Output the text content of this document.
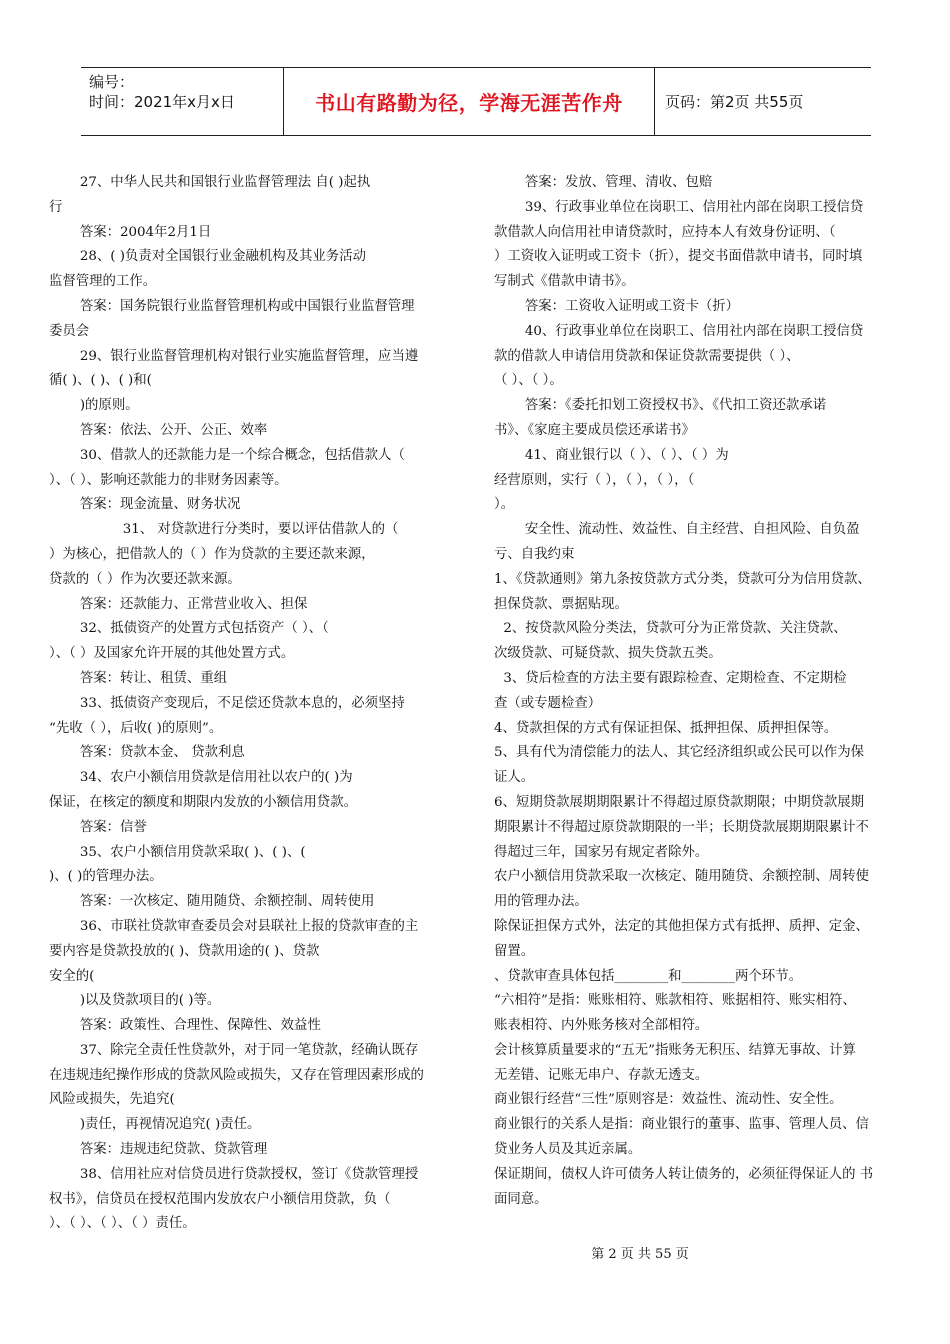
编号：
时间：2021年x月x日	书山有路勤为径，学海无涯苦作舟	页码：第2页 共55页

27、中华人民共和国银行业监督管理法 自( )起执

行

答案：2004年2月1日

28、( )负责对全国银行业金融机构及其业务活动

监督管理的工作。

答案：国务院银行业监督管理机构或中国银行业监督管理

委员会

29、银行业监督管理机构对银行业实施监督管理，应当遵

循( )、( )、( )和(

)的原则。

答案：依法、公开、公正、效率

30、借款人的还款能力是一个综合概念，包括借款人（

）、（ ）、影响还款能力的非财务因素等。

答案：现金流量、财务状况

31、 对贷款进行分类时，要以评估借款人的（

）为核心，把借款人的（ ）作为贷款的主要还款来源，

贷款的（ ）作为次要还款来源。

答案：还款能力、正常营业收入、担保

32、抵债资产的处置方式包括资产（ ）、（

）、（ ）及国家允许开展的其他处置方式。

答案：转让、租赁、重组

33、抵债资产变现后，不足偿还贷款本息的，必须坚持

“先收（ ），后收( )的原则”。

答案：贷款本金、 贷款利息

34、农户小额信用贷款是信用社以农户的( )为

保证，在核定的额度和期限内发放的小额信用贷款。

答案：信誉

35、农户小额信用贷款采取( )、( )、(

)、( )的管理办法。

答案：一次核定、随用随贷、余额控制、周转使用

36、市联社贷款审查委员会对县联社上报的贷款审查的主

要内容是贷款投放的( )、贷款用途的( )、贷款

安全的(

)以及贷款项目的( )等。

答案：政策性、合理性、保障性、效益性

37、除完全责任性贷款外，对于同一笔贷款，经确认既存

在违规违纪操作形成的贷款风险或损失，又存在管理因素形成的

风险或损失，先追究(

)责任，再视情况追究( )责任。

答案：违规违纪贷款、贷款管理

38、信用社应对信贷员进行贷款授权，签订《贷款管理授

权书》，信贷员在授权范围内发放农户小额信用贷款，负（

）、（ ）、（ ）、（ ）责任。

答案：发放、管理、清收、包赔

39、行政事业单位在岗职工、信用社内部在岗职工授信贷

款借款人向信用社申请贷款时，应持本人有效身份证明、（

）工资收入证明或工资卡（折），提交书面借款申请书，同时填

写制式《借款申请书》。

答案：工资收入证明或工资卡（折）

40、行政事业单位在岗职工、信用社内部在岗职工授信贷

款的借款人申请信用贷款和保证贷款需要提供（ ）、

（ ）、（ ）。

答案：《委托扣划工资授权书》、《代扣工资还款承诺

书》、《家庭主要成员偿还承诺书》

41、商业银行以（ ）、（ ）、（ ）为

经营原则，实行（ ），（ ），（ ），（

）。

安全性、流动性、效益性、自主经营、自担风险、自负盈

亏、自我约束

1、《贷款通则》第九条按贷款方式分类，贷款可分为信用贷款、

担保贷款、票据贴现。

2、按贷款风险分类法，贷款可分为正常贷款、关注贷款、

次级贷款、可疑贷款、损失贷款五类。

3、贷后检查的方法主要有跟踪检查、定期检查、不定期检

查（或专题检查）

4、贷款担保的方式有保证担保、抵押担保、质押担保等。

5、具有代为清偿能力的法人、其它经济组织或公民可以作为保

证人。

6、短期贷款展期期限累计不得超过原贷款期限；中期贷款展期

期限累计不得超过原贷款期限的一半；长期贷款展期期限累计不

得超过三年，国家另有规定者除外。

农户小额信用贷款采取一次核定、随用随贷、余额控制、周转使

用的管理办法。

除保证担保方式外，法定的其他担保方式有抵押、质押、定金、

留置。

、贷款审查具体包括________和________两个环节。

“六相符”是指：账账相符、账款相符、账据相符、账实相符、

账表相符、内外账务核对全部相符。

会计核算质量要求的“五无”指账务无积压、结算无事故、计算

无差错、记账无串户、存款无透支。

商业银行经营“三性”原则容是：效益性、流动性、安全性。

商业银行的关系人是指：商业银行的董事、监事、管理人员、信

贷业务人员及其近亲属。

保证期间，债权人许可债务人转让债务的，必须征得保证人的 书

面同意。

第 2 页 共 55 页
